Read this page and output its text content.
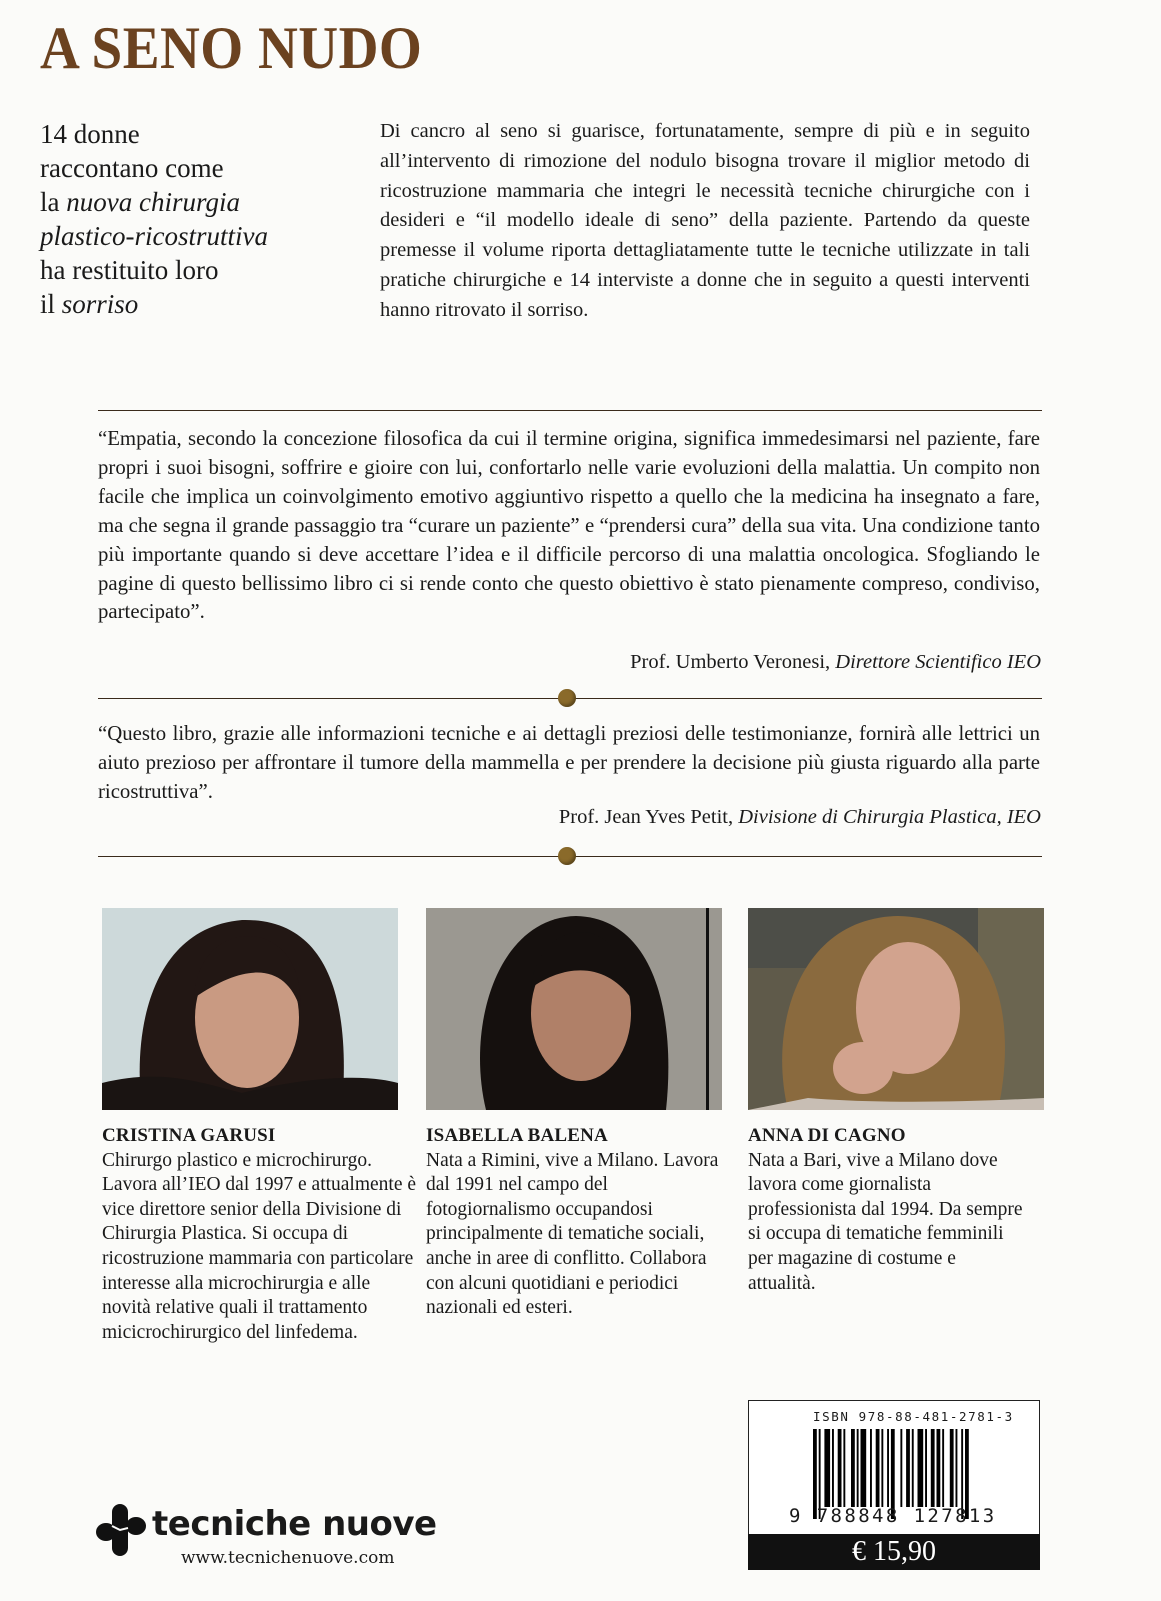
A SENO NUDO
14 donne
raccontano come
la nuova chirurgia
plastico-ricostruttiva
ha restituito loro
il sorriso
Di cancro al seno si guarisce, fortunatamente, sempre di più e in seguito all’intervento di rimozione del nodulo bisogna trovare il miglior metodo di ricostruzione mammaria che integri le necessità tecniche chirurgiche con i desideri e “il modello ideale di seno” della paziente. Partendo da queste premesse il volume riporta dettagliatamente tutte le tecniche utilizzate in tali pratiche chirurgiche e 14 interviste a donne che in seguito a questi interventi hanno ritrovato il sorriso.
“Empatia, secondo la concezione filosofica da cui il termine origina, significa immedesimarsi nel paziente, fare propri i suoi bisogni, soffrire e gioire con lui, confortarlo nelle varie evoluzioni della malattia. Un compito non facile che implica un coinvolgimento emotivo aggiuntivo rispetto a quello che la medicina ha insegnato a fare, ma che segna il grande passaggio tra “curare un paziente” e “prendersi cura” della sua vita. Una condizione tanto più importante quando si deve accettare l’idea e il difficile percorso di una malattia oncologica. Sfogliando le pagine di questo bellissimo libro ci si rende conto che questo obiettivo è stato pienamente compreso, condiviso, partecipato”.
Prof. Umberto Veronesi, Direttore Scientifico IEO
“Questo libro, grazie alle informazioni tecniche e ai dettagli preziosi delle testimonianze, fornirà alle lettrici un aiuto prezioso per affrontare il tumore della mammella e per prendere la decisione più giusta riguardo alla parte ricostruttiva”.
Prof. Jean Yves Petit, Divisione di Chirurgia Plastica, IEO
CRISTINA GARUSI
Chirurgo plastico e microchirurgo. Lavora all’IEO dal 1997 e attualmente è vice direttore senior della Divisione di Chirurgia Plastica. Si occupa di ricostruzione mammaria con particolare interesse alla microchirurgia e alle novità relative quali il trattamento micicrochirurgico del linfedema.
ISABELLA BALENA
Nata a Rimini, vive a Milano. Lavora dal 1991 nel campo del fotogiornalismo occupandosi principalmente di tematiche sociali, anche in aree di conflitto. Collabora con alcuni quotidiani e periodici nazionali ed esteri.
ANNA DI CAGNO
Nata a Bari, vive a Milano dove lavora come giornalista professionista dal 1994. Da sempre si occupa di tematiche femminili per magazine di costume e attualità.
ISBN 978-88-481-2781-3
9 788848 127813
€ 15,90
tecniche nuove
www.tecnichenuove.com
